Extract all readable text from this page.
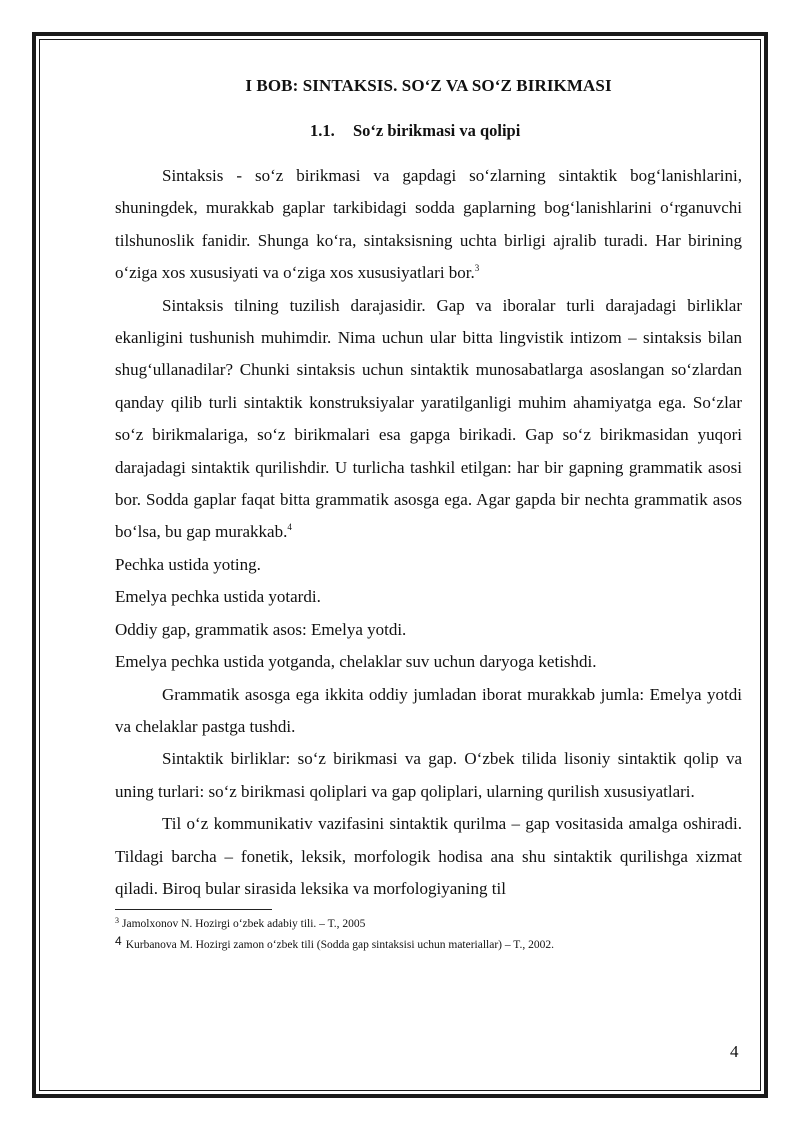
I BOB: SINTAKSIS. SO‘Z VA SO‘Z BIRIKMASI
1.1. So‘z birikmasi va qolipi

Sintaksis - so‘z birikmasi va gapdagi so‘zlarning sintaktik bog‘lanishlarini, shuningdek, murakkab gaplar tarkibidagi sodda gaplarning bog‘lanishlarini o‘rganuvchi tilshunoslik fanidir. Shunga ko‘ra, sintaksisning uchta birligi ajralib turadi. Har birining o‘ziga xos xususiyati va o‘ziga xos xususiyatlari bor.$^3$

Sintaksis tilning tuzilish darajasidir. Gap va iboralar turli darajadagi birliklar ekanligini tushunish muhimdir. Nima uchun ular bitta lingvistik intizom – sintaksis bilan shug‘ullanadilar? Chunki sintaksis uchun sintaktik munosabatlarga asoslangan so‘zlardan qanday qilib turli sintaktik konstruksiyalar yaratilganligi muhim ahamiyatga ega. So‘zlar so‘z birikmalariga, so‘z birikmalari esa gapga birikadi. Gap so‘z birikmasidan yuqori darajadagi sintaktik qurilishdir. U turlicha tashkil etilgan: har bir gapning grammatik asosi bor. Sodda gaplar faqat bitta grammatik asosga ega. Agar gapda bir nechta grammatik asos bo‘lsa, bu gap murakkab.$^4$

Pechka ustida yoting.

Emelya pechka ustida yotardi.

Oddiy gap, grammatik asos: Emelya yotdi.

Emelya pechka ustida yotganda, chelaklar suv uchun daryoga ketishdi.

Grammatik asosga ega ikkita oddiy jumladan iborat murakkab jumla: Emelya yotdi va chelaklar pastga tushdi.

Sintaktik birliklar: so‘z birikmasi va gap. O‘zbek tilida lisoniy sintaktik qolip va uning turlari: so‘z birikmasi qoliplari va gap qoliplari, ularning qurilish xususiyatlari.

Til o‘z kommunikativ vazifasini sintaktik qurilma – gap vositasida amalga oshiradi. Tildagi barcha – fonetik, leksik, morfologik hodisa ana shu sintaktik qurilishga xizmat qiladi. Biroq bular sirasida leksika va morfologiyaning til

$^3$ Jamolxonov N. Hozirgi o‘zbek adabiy tili. – T., 2005
4 Kurbanova M. Hozirgi zamon o‘zbek tili (Sodda gap sintaksisi uchun materiallar) – T., 2002.
4
